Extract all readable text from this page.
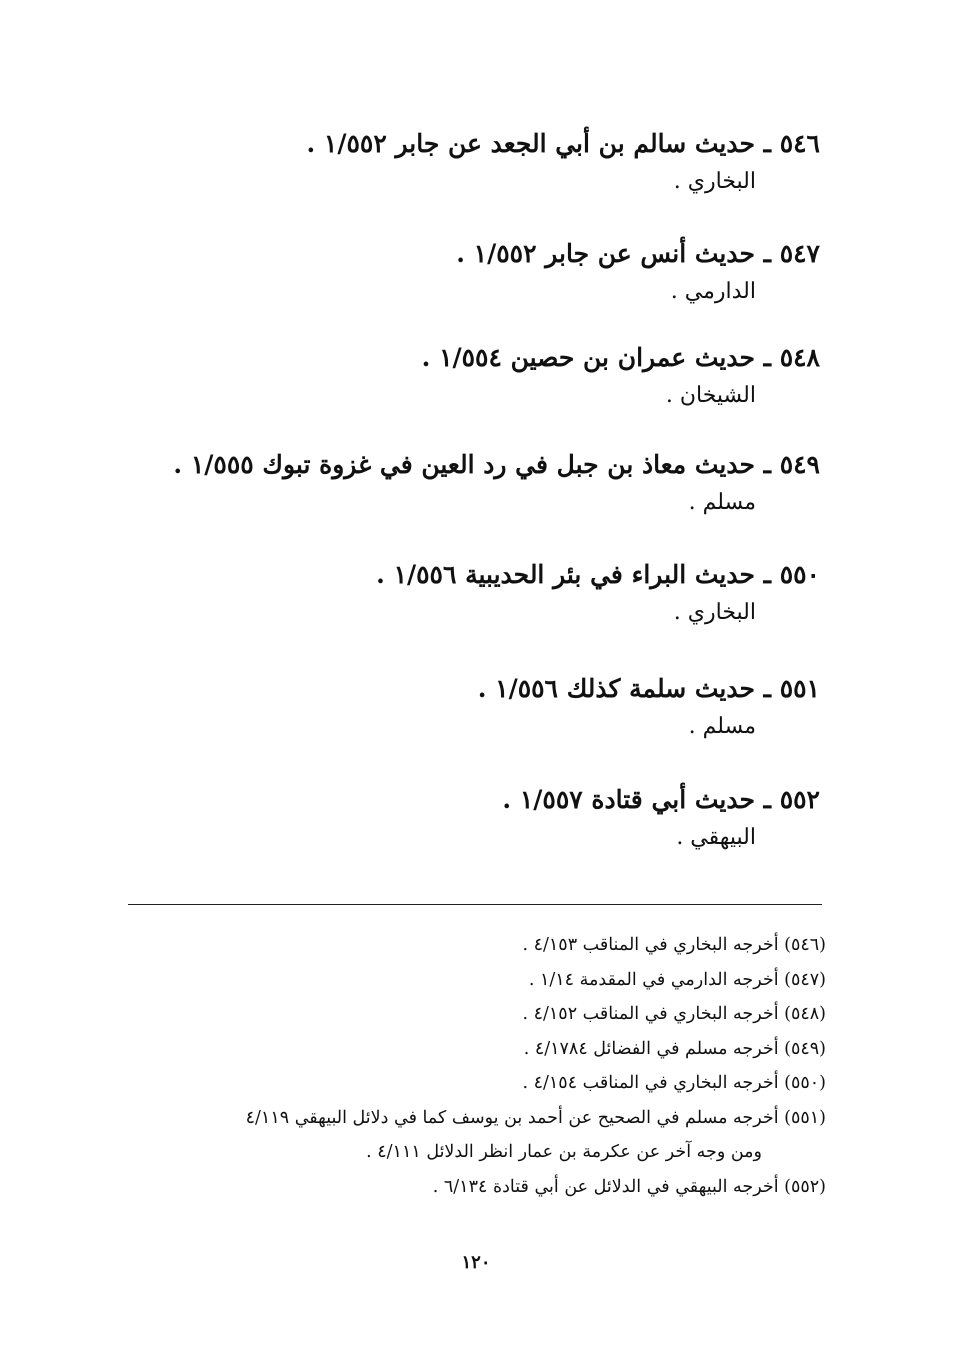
٥٤٦ ـ حديث سالم بن أبي الجعد عن جابر ١/٥٥٢ .
البخاري .
٥٤٧ ـ حديث أنس عن جابر ١/٥٥٢ .
الدارمي .
٥٤٨ ـ حديث عمران بن حصين ١/٥٥٤ .
الشيخان .
٥٤٩ ـ حديث معاذ بن جبل في رد العين في غزوة تبوك ١/٥٥٥ .
مسلم .
٥٥٠ ـ حديث البراء في بئر الحديبية ١/٥٥٦ .
البخاري .
٥٥١ ـ حديث سلمة كذلك ١/٥٥٦ .
مسلم .
٥٥٢ ـ حديث أبي قتادة ١/٥٥٧ .
البيهقي .
(٥٤٦) أخرجه البخاري في المناقب ٤/١٥٣ .
(٥٤٧) أخرجه الدارمي في المقدمة ١/١٤ .
(٥٤٨) أخرجه البخاري في المناقب ٤/١٥٢ .
(٥٤٩) أخرجه مسلم في الفضائل ٤/١٧٨٤ .
(٥٥٠) أخرجه البخاري في المناقب ٤/١٥٤ .
(٥٥١) أخرجه مسلم في الصحيح عن أحمد بن يوسف كما في دلائل البيهقي ٤/١١٩
ومن وجه آخر عن عكرمة بن عمار انظر الدلائل ٤/١١١ .
(٥٥٢) أخرجه البيهقي في الدلائل عن أبي قتادة ٦/١٣٤ .
١٢٠
